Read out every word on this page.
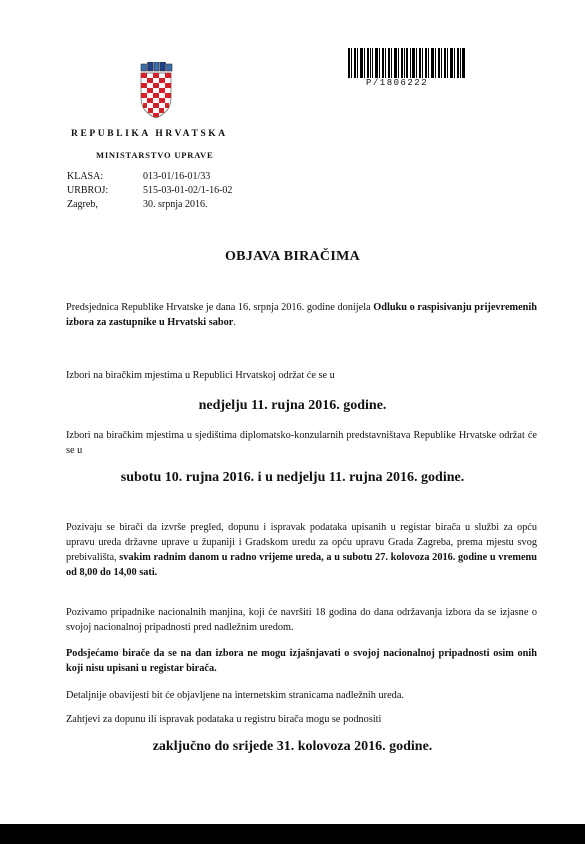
P/1806222
REPUBLIKA HRVATSKA
MINISTARSTVO UPRAVE
KLASA:	013-01/16-01/33
URBROJ:	515-03-01-02/1-16-02
Zagreb,	30. srpnja 2016.
OBJAVA BIRAČIMA
Predsjednica Republike Hrvatske je dana 16. srpnja 2016. godine donijela Odluku o raspisivanju prijevremenih izbora za zastupnike u Hrvatski sabor.
Izbori na biračkim mjestima u Republici Hrvatskoj održat će se u
nedjelju 11. rujna 2016. godine.
Izbori na biračkim mjestima u sjedištima diplomatsko-konzularnih predstavništava Republike Hrvatske održat će se u
subotu 10. rujna 2016. i u nedjelju 11. rujna 2016. godine.
Pozivaju se birači da izvrše pregled, dopunu i ispravak podataka upisanih u registar birača u službi za opću upravu ureda državne uprave u županiji i Gradskom uredu za opću upravu Grada Zagreba, prema mjestu svog prebivališta, svakim radnim danom u radno vrijeme ureda, a u subotu 27. kolovoza 2016. godine u vremenu od 8,00 do 14,00 sati.
Pozivamo pripadnike nacionalnih manjina, koji će navršiti 18 godina do dana održavanja izbora da se izjasne o svojoj nacionalnoj pripadnosti pred nadležnim uredom.
Podsjećamo birače da se na dan izbora ne mogu izjašnjavati o svojoj nacionalnoj pripadnosti osim onih koji nisu upisani u registar birača.
Detaljnije obavijesti bit će objavljene na internetskim stranicama nadležnih ureda.
Zahtjevi za dopunu ili ispravak podataka u registru birača mogu se podnositi
zaključno do srijede 31. kolovoza 2016. godine.
